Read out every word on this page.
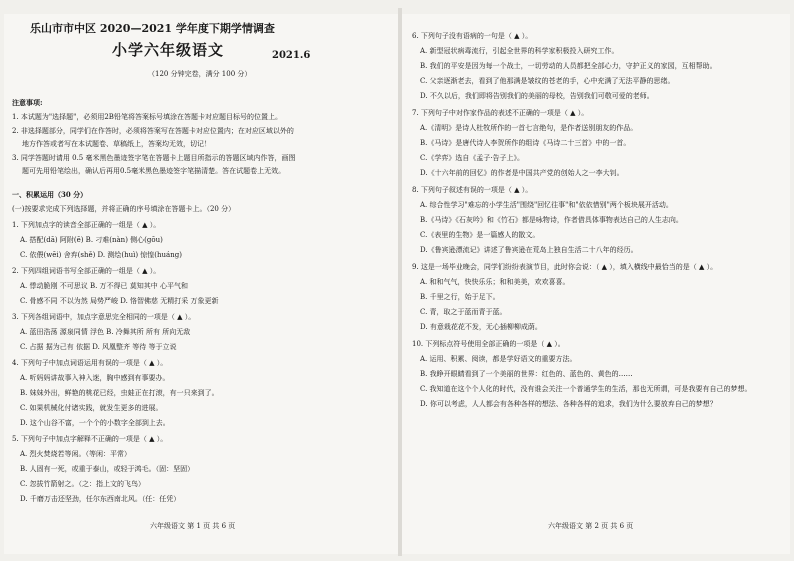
乐山市市中区 2020—2021 学年度下期学情调查
小学六年级语文	2021.6
（120 分钟完卷，满分 100 分）
注意事项:
1. 本试题为"选择题"，必须用2B铅笔将答案标号填涂在答题卡对应题目标号的位置上。
2. 非选择题部分，同学们在作答时，必须将答案写在答题卡对应位置内；在对应区域以外的
地方作答或者写在本试题卷、草稿纸上，答案均无效，切记！
3. 同学答题时请用 0.5 毫米黑色墨迹签字笔在答题卡上题目所指示的答题区域内作答，画图
题可先用铅笔绘出，确认后再用0.5毫米黑色墨迹签字笔描清楚。答在试题卷上无效。
一、积累运用（30 分）
(一)按要求完成下列选择题，并将正确的序号填涂在答题卡上。（20 分）
1. 下列加点字的读音全部正确的一组是（ ▲ ）。
A. 搭配(dā) 阿附(ē) B. 刁难(nàn) 侧心(gōu)
C. 依偎(wēi) 舍弃(shě) D. 测绘(huì) 惊惶(huáng)
2. 下列四组词语书写全部正确的一组是（ ▲ ）。
A. 悸动脆刚 不可思议 B. 万不得已 莫知其中 心平气和
C. 骨感不同 不以为然 局势严峻 D. 恪智佛慈 无精打采 万象更新
3. 下列各组词语中，加点字意思完全相同的一项是（ ▲ ）。
A. 蓝田浩荡 源泉同情 浮色 B. 冷舞其所 所有 所向无敌
C. 占据 据为己有 依据 D. 风凰整齐 等待 等于立说
4. 下列句子中加点词语运用有误的一项是（ ▲ ）。
A. 听妈妈讲故事入神入迷，胸中感到有事要办。
B. 妹妹外出，鲜艳的桃花已经，虫蛙正在打滚，有一只来到了。
C. 如果机械化付诸实践，就发生更多的进展。
D. 这个山谷不富，一个个的小数字全部到上去。
5. 下列句子中加点字解释不正确的一项是（ ▲ ）。
A. 烈火焚烧若等闲。（等闲：平常）
B. 人固有一死，或重于泰山，或轻于鸿毛。（固：坚固）
C. 忽拔竹箭射之。（之：指上文的飞鸟）
D. 千磨万击还坚劲，任尔东西南北风。（任：任凭）
六年级语文 第 1 页 共 6 页
6. 下列句子没有语病的一句是（ ▲ ）。
A. 新型冠状病毒流行，引起全世界的科学家积极投入研究工作。
B. 我们的平安是因为每一个战士，一切劳动的人员都把全部心力，守护正义的家园，互相帮助。
C. 父亲逐渐老去，看到了他那满是皱纹的苍老的手，心中充满了无法平静的思绪。
D. 不久以后，我们即将告别我们的美丽的母校，告别我们可敬可爱的老师。
7. 下列句子中对作家作品的表述不正确的一项是（ ▲ ）。
A.《清明》是诗人杜牧所作的一首七言绝句，是作者送别朋友的作品。
B.《马诗》是唐代诗人李贺所作的组诗《马诗二十三首》中的一首。
C.《学弈》选自《孟子·告子上》。
D.《十六年前的回忆》的作者是中国共产党的创始人之一李大钊。
8. 下列句子叙述有误的一项是（ ▲ ）。
A. 综合性学习"难忘的小学生活"围绕"回忆往事"和"依依惜别"两个板块展开活动。
B.《马诗》《石灰吟》和《竹石》都是咏物诗，作者借具体事物表达自己的人生志向。
C.《表里的生物》是一篇感人的散文。
D.《鲁宾逊漂流记》讲述了鲁宾逊在荒岛上独自生活二十八年的经历。
9. 这是一场毕业晚会，同学们纷纷表演节目，此时你会说：（ ▲ ），填入横线中最恰当的是（ ▲ ）。
A. 和和气气，快快乐乐；和和美美，欢欢喜喜。
B. 千里之行，始于足下。
C. 青，取之于蓝而青于蓝。
D. 有意栽花花不发，无心插柳柳成荫。
10. 下列标点符号使用全部正确的一项是（ ▲ ）。
A. 运用、积累、阅读，都是学好语文的重要方法。
B. 我睁开眼睛看到了一个美丽的世界：红色的、蓝色的、黄色的……
C. 我知道在这个个人化的时代，没有谁会关注一个普通学生的生活，那也无所谓，可是我要有自己的梦想。
D. 你可以考虑，人人都会有各种各样的想法、各种各样的追求，我们为什么要放弃自己的梦想？
六年级语文 第 2 页 共 6 页
